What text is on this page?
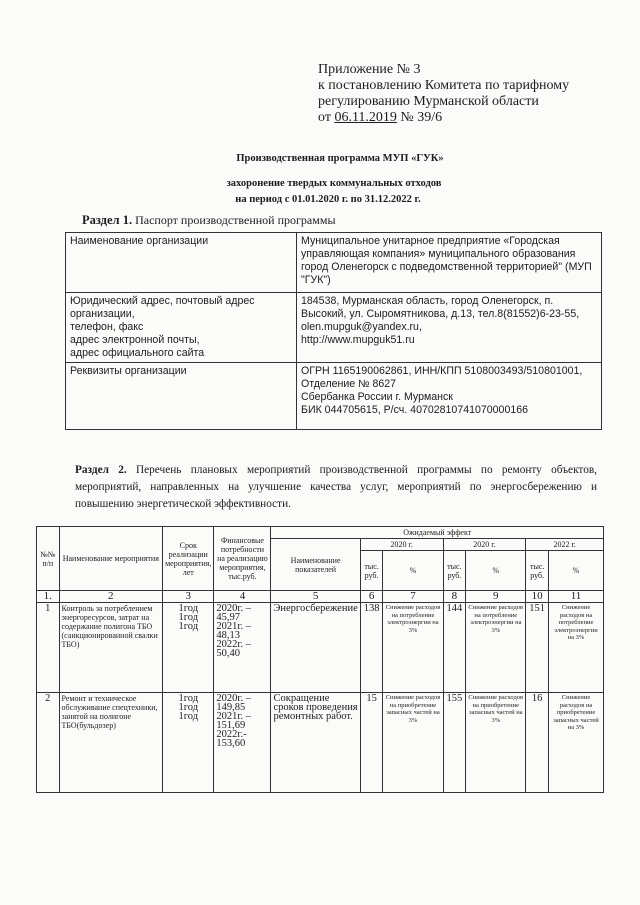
Приложение № 3
к постановлению Комитета по тарифному
регулированию Мурманской области
от 06.11.2019 № 39/6
Производственная программа МУП «ГУК»
захоронение твердых коммунальных отходов
на период с 01.01.2020 г. по 31.12.2022 г.
Раздел 1. Паспорт производственной программы
Наименование организации	Муниципальное унитарное предприятие «Городская управляющая компания» муниципального образования город Оленегорск с подведомственной территорией" (МУП "ГУК")
Юридический адрес, почтовый адрес организации,
телефон, факс
адрес электронной почты,
адрес официального сайта	184538, Мурманская область, город Оленегорск, п. Высокий, ул. Сыромятникова, д.13, тел.8(81552)6-23-55, olen.mupguk@yandex.ru,
http://www.mupguk51.ru
Реквизиты организации	ОГРН 1165190062861, ИНН/КПП 5108003493/510801001, Отделение № 8627
Сбербанка России г. Мурманск
БИК 044705615, Р/сч. 40702810741070000166
Раздел 2. Перечень плановых мероприятий производственной программы по ремонту объектов, мероприятий, направленных на улучшение качества услуг, мероприятий по энергосбережению и повышению энергетической эффективности.
№№ п/п	Наименование мероприятия	Срок реализации мероприятия, лет	Финансовые потребности на реализацию мероприятия, тыс.руб.	Ожидаемый эффект						
				Наименование показателей	2020 г.		2020 г.		2022 г.	
					тыс. руб.	%	тыс. руб.	%	тыс. руб.	%
1.	2	3	4	5	6	7	8	9	10	11
1	Контроль за потреблением энергоресурсов, затрат на содержание полигона ТБО (санкционированной свалки ТБО)	1год
1год
1год	2020г. – 45,97
2021г. – 48,13
2022г. – 50,40	Энергосбережение	138	Снижение расходов на потребление электроэнергии на 3%	144	Снижение расходов на потребление электроэнергии на 3%	151	Снижение расходов на потребление электроэнергии на 3%
2	Ремонт и техническое обслуживание спецтехники, занятой на полигоне ТБО(бульдозер)	1год
1год
1год	2020г. – 149,85
2021г. – 151,69
2022г.- 153,60	Сокращение сроков проведения ремонтных работ.	15	Снижение расходов на приобретение запасных частей на 3%	155	Снижение расходов на приобретение запасных частей на 3%	16	Снижение расходов на приобретение запасных частей на 3%
